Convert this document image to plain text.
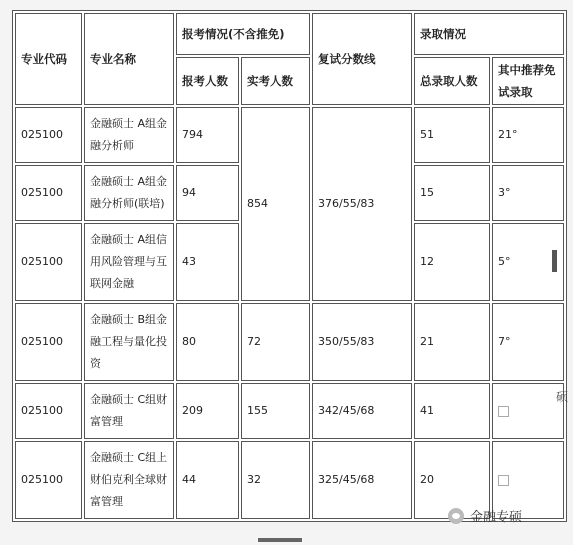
专业代码	专业名称	报考情况(不含推免)		复试分数线	录取情况	
		报考人数	实考人数		总录取人数	其中推荐免试录取
025100	金融硕士 A组金融分析师	794	854	376/55/83	51	21°
025100	金融硕士 A组金融分析师(联培)	94			15	3°
025100	金融硕士 A组信用风险管理与互联网金融	43			12	5°
025100	金融硕士 B组金融工程与量化投资	80	72	350/55/83	21	7°
025100	金融硕士 C组财富管理	209	155	342/45/68	41	
025100	金融硕士 C组上财伯克利全球财富管理	44	32	325/45/68	20	
硕
金融专硕
